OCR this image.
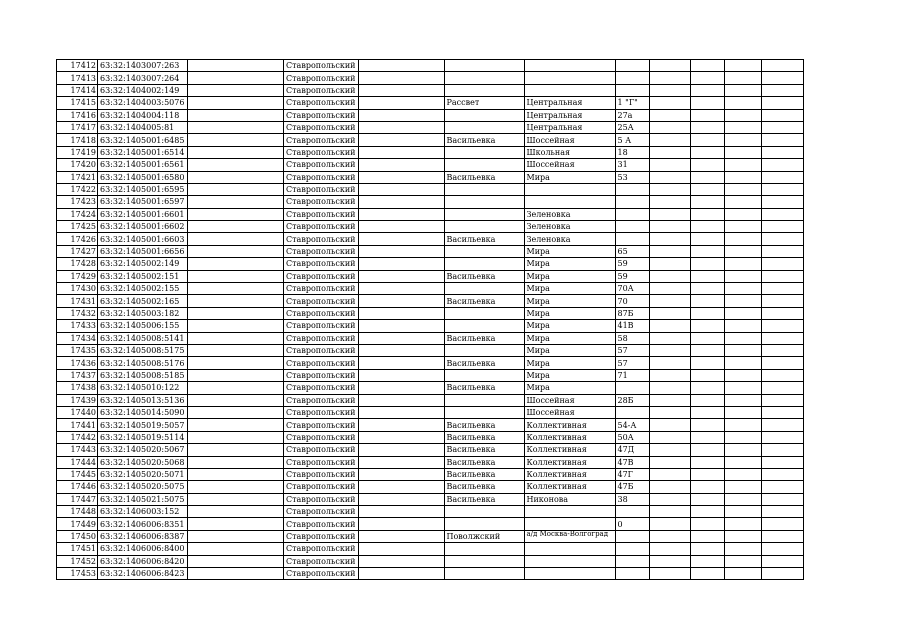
17412	63:32:1403007:263		Ставропольский								
17413	63:32:1403007:264		Ставропольский								
17414	63:32:1404002:149		Ставропольский								
17415	63:32:1404003:5076		Ставропольский		Рассвет	Центральная	1 "Г"				
17416	63:32:1404004:118		Ставропольский			Центральная	27а				
17417	63:32:1404005:81		Ставропольский			Центральная	25А				
17418	63:32:1405001:6485		Ставропольский		Васильевка	Шоссейная	5 А				
17419	63:32:1405001:6514		Ставропольский			Школьная	18				
17420	63:32:1405001:6561		Ставропольский			Шоссейная	31				
17421	63:32:1405001:6580		Ставропольский		Васильевка	Мира	53				
17422	63:32:1405001:6595		Ставропольский								
17423	63:32:1405001:6597		Ставропольский								
17424	63:32:1405001:6601		Ставропольский			Зеленовка					
17425	63:32:1405001:6602		Ставропольский			Зеленовка					
17426	63:32:1405001:6603		Ставропольский		Васильевка	Зеленовка					
17427	63:32:1405001:6656		Ставропольский			Мира	65				
17428	63:32:1405002:149		Ставропольский			Мира	59				
17429	63:32:1405002:151		Ставропольский		Васильевка	Мира	59				
17430	63:32:1405002:155		Ставропольский			Мира	70А				
17431	63:32:1405002:165		Ставропольский		Васильевка	Мира	70				
17432	63:32:1405003:182		Ставропольский			Мира	87Б				
17433	63:32:1405006:155		Ставропольский			Мира	41В				
17434	63:32:1405008:5141		Ставропольский		Васильевка	Мира	58				
17435	63:32:1405008:5175		Ставропольский			Мира	57				
17436	63:32:1405008:5176		Ставропольский		Васильевка	Мира	57				
17437	63:32:1405008:5185		Ставропольский			Мира	71				
17438	63:32:1405010:122		Ставропольский		Васильевка	Мира					
17439	63:32:1405013:5136		Ставропольский			Шоссейная	28Б				
17440	63:32:1405014:5090		Ставропольский			Шоссейная					
17441	63:32:1405019:5057		Ставропольский		Васильевка	Коллективная	54-А				
17442	63:32:1405019:5114		Ставропольский		Васильевка	Коллективная	50А				
17443	63:32:1405020:5067		Ставропольский		Васильевка	Коллективная	47Д				
17444	63:32:1405020:5068		Ставропольский		Васильевка	Коллективная	47В				
17445	63:32:1405020:5071		Ставропольский		Васильевка	Коллективная	47Г				
17446	63:32:1405020:5075		Ставропольский		Васильевка	Коллективная	47Б				
17447	63:32:1405021:5075		Ставропольский		Васильевка	Никонова	38				
17448	63:32:1406003:152		Ставропольский								
17449	63:32:1406006:8351		Ставропольский				0				
17450	63:32:1406006:8387		Ставропольский		Поволжский	а/д Москва-Волгоград					
17451	63:32:1406006:8400		Ставропольский								
17452	63:32:1406006:8420		Ставропольский								
17453	63:32:1406006:8423		Ставропольский								
